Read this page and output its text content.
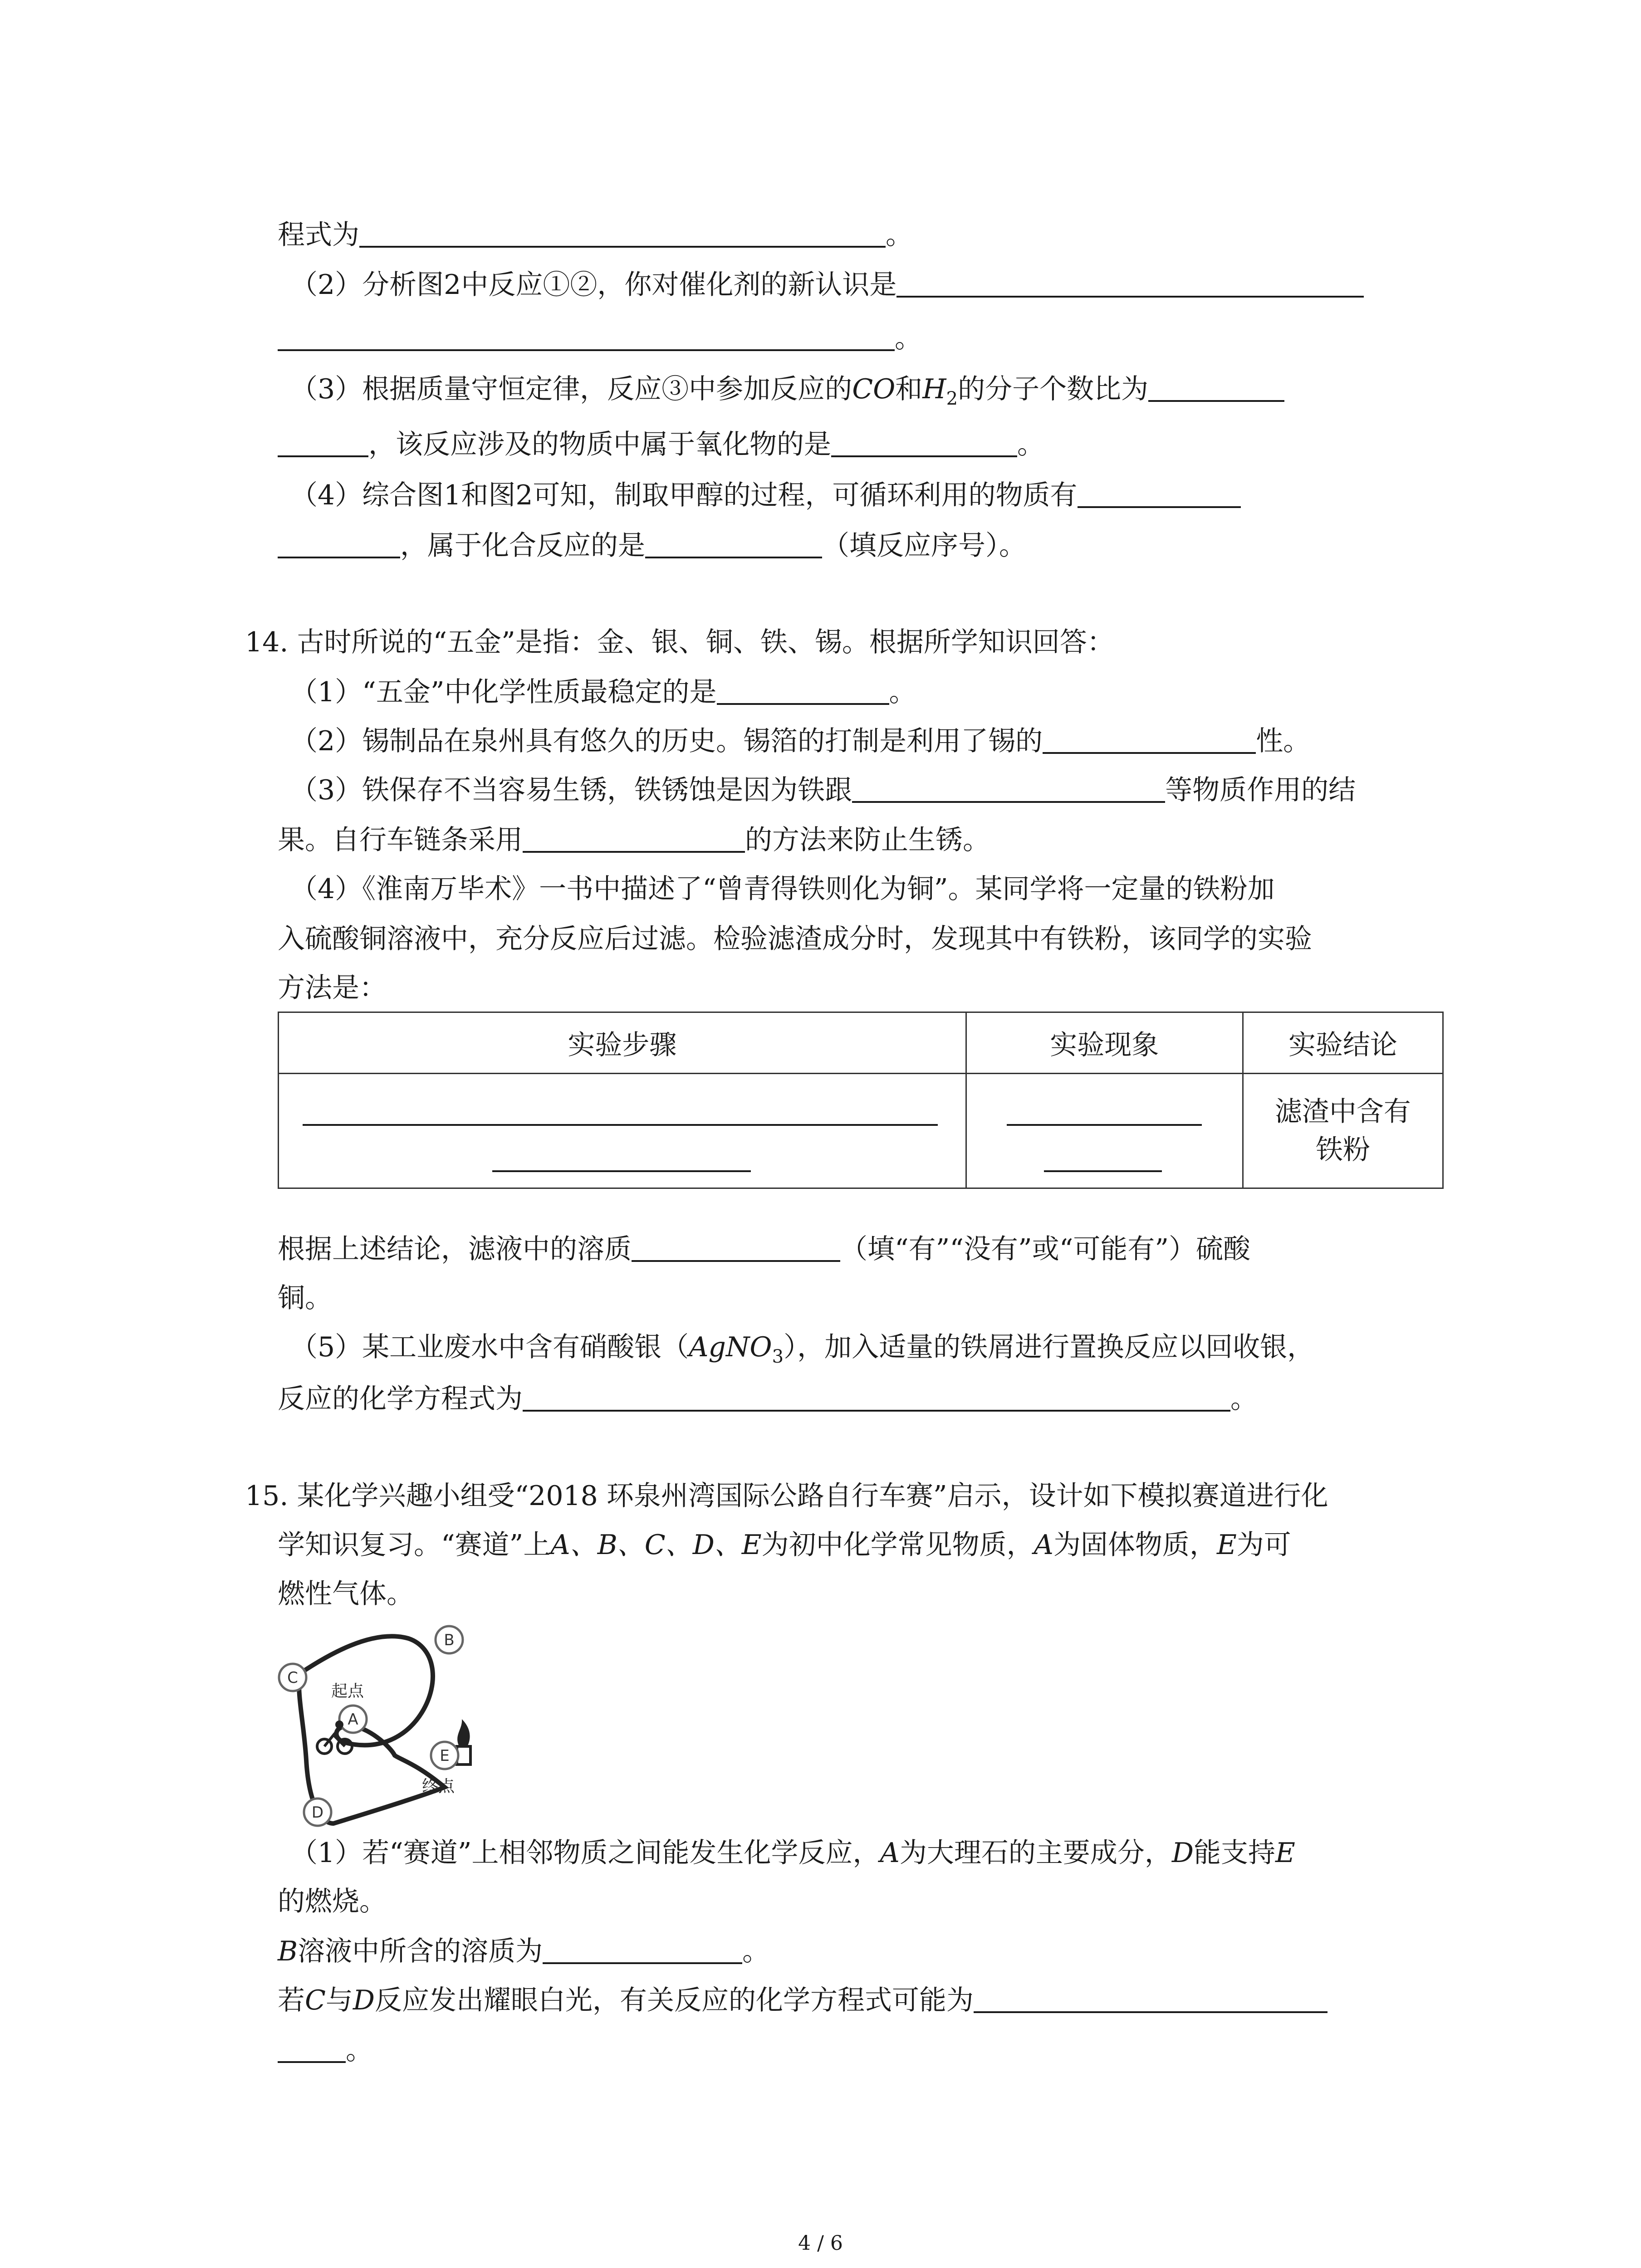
程式为	。
（2）分析图2中反应①②，你对催化剂的新认识是
。
（3）根据质量守恒定律，反应③中参加反应的CO和$H_2$的分子个数比为
，该反应涉及的物质中属于氧化物的是	。
（4）综合图1和图2可知，制取甲醇的过程，可循环利用的物质有
，属于化合反应的是	（填反应序号）。
14. 古时所说的“五金”是指：金、银、铜、铁、锡。根据所学知识回答：
（1）“五金”中化学性质最稳定的是	。
（2）锡制品在泉州具有悠久的历史。锡箔的打制是利用了锡的	性。
（3）铁保存不当容易生锈，铁锈蚀是因为铁跟	等物质作用的结
果。自行车链条采用	的方法来防止生锈。
（4）《淮南万毕术》一书中描述了“曾青得铁则化为铜”。某同学将一定量的铁粉加
入硫酸铜溶液中，充分反应后过滤。检验滤渣成分时，发现其中有铁粉，该同学的实验
方法是：
实验步骤	实验现象	实验结论

		滤渣中含有
铁粉
根据上述结论，滤液中的溶质	（填“有”“没有”或“可能有”）硫酸
铜。
（5）某工业废水中含有硝酸银（AgNO$_3$），加入适量的铁屑进行置换反应以回收银，
反应的化学方程式为	。
15. 某化学兴趣小组受“2018 环泉州湾国际公路自行车赛”启示，设计如下模拟赛道进行化
学知识复习。“赛道”上A、B、C、D、E为初中化学常见物质，A为固体物质，E为可
燃性气体。
B
C
起点
A
E
终点
D
（1）若“赛道”上相邻物质之间能发生化学反应，A为大理石的主要成分，D能支持E
的燃烧。
B溶液中所含的溶质为	。
若C与D反应发出耀眼白光，有关反应的化学方程式可能为
。
4 / 6
